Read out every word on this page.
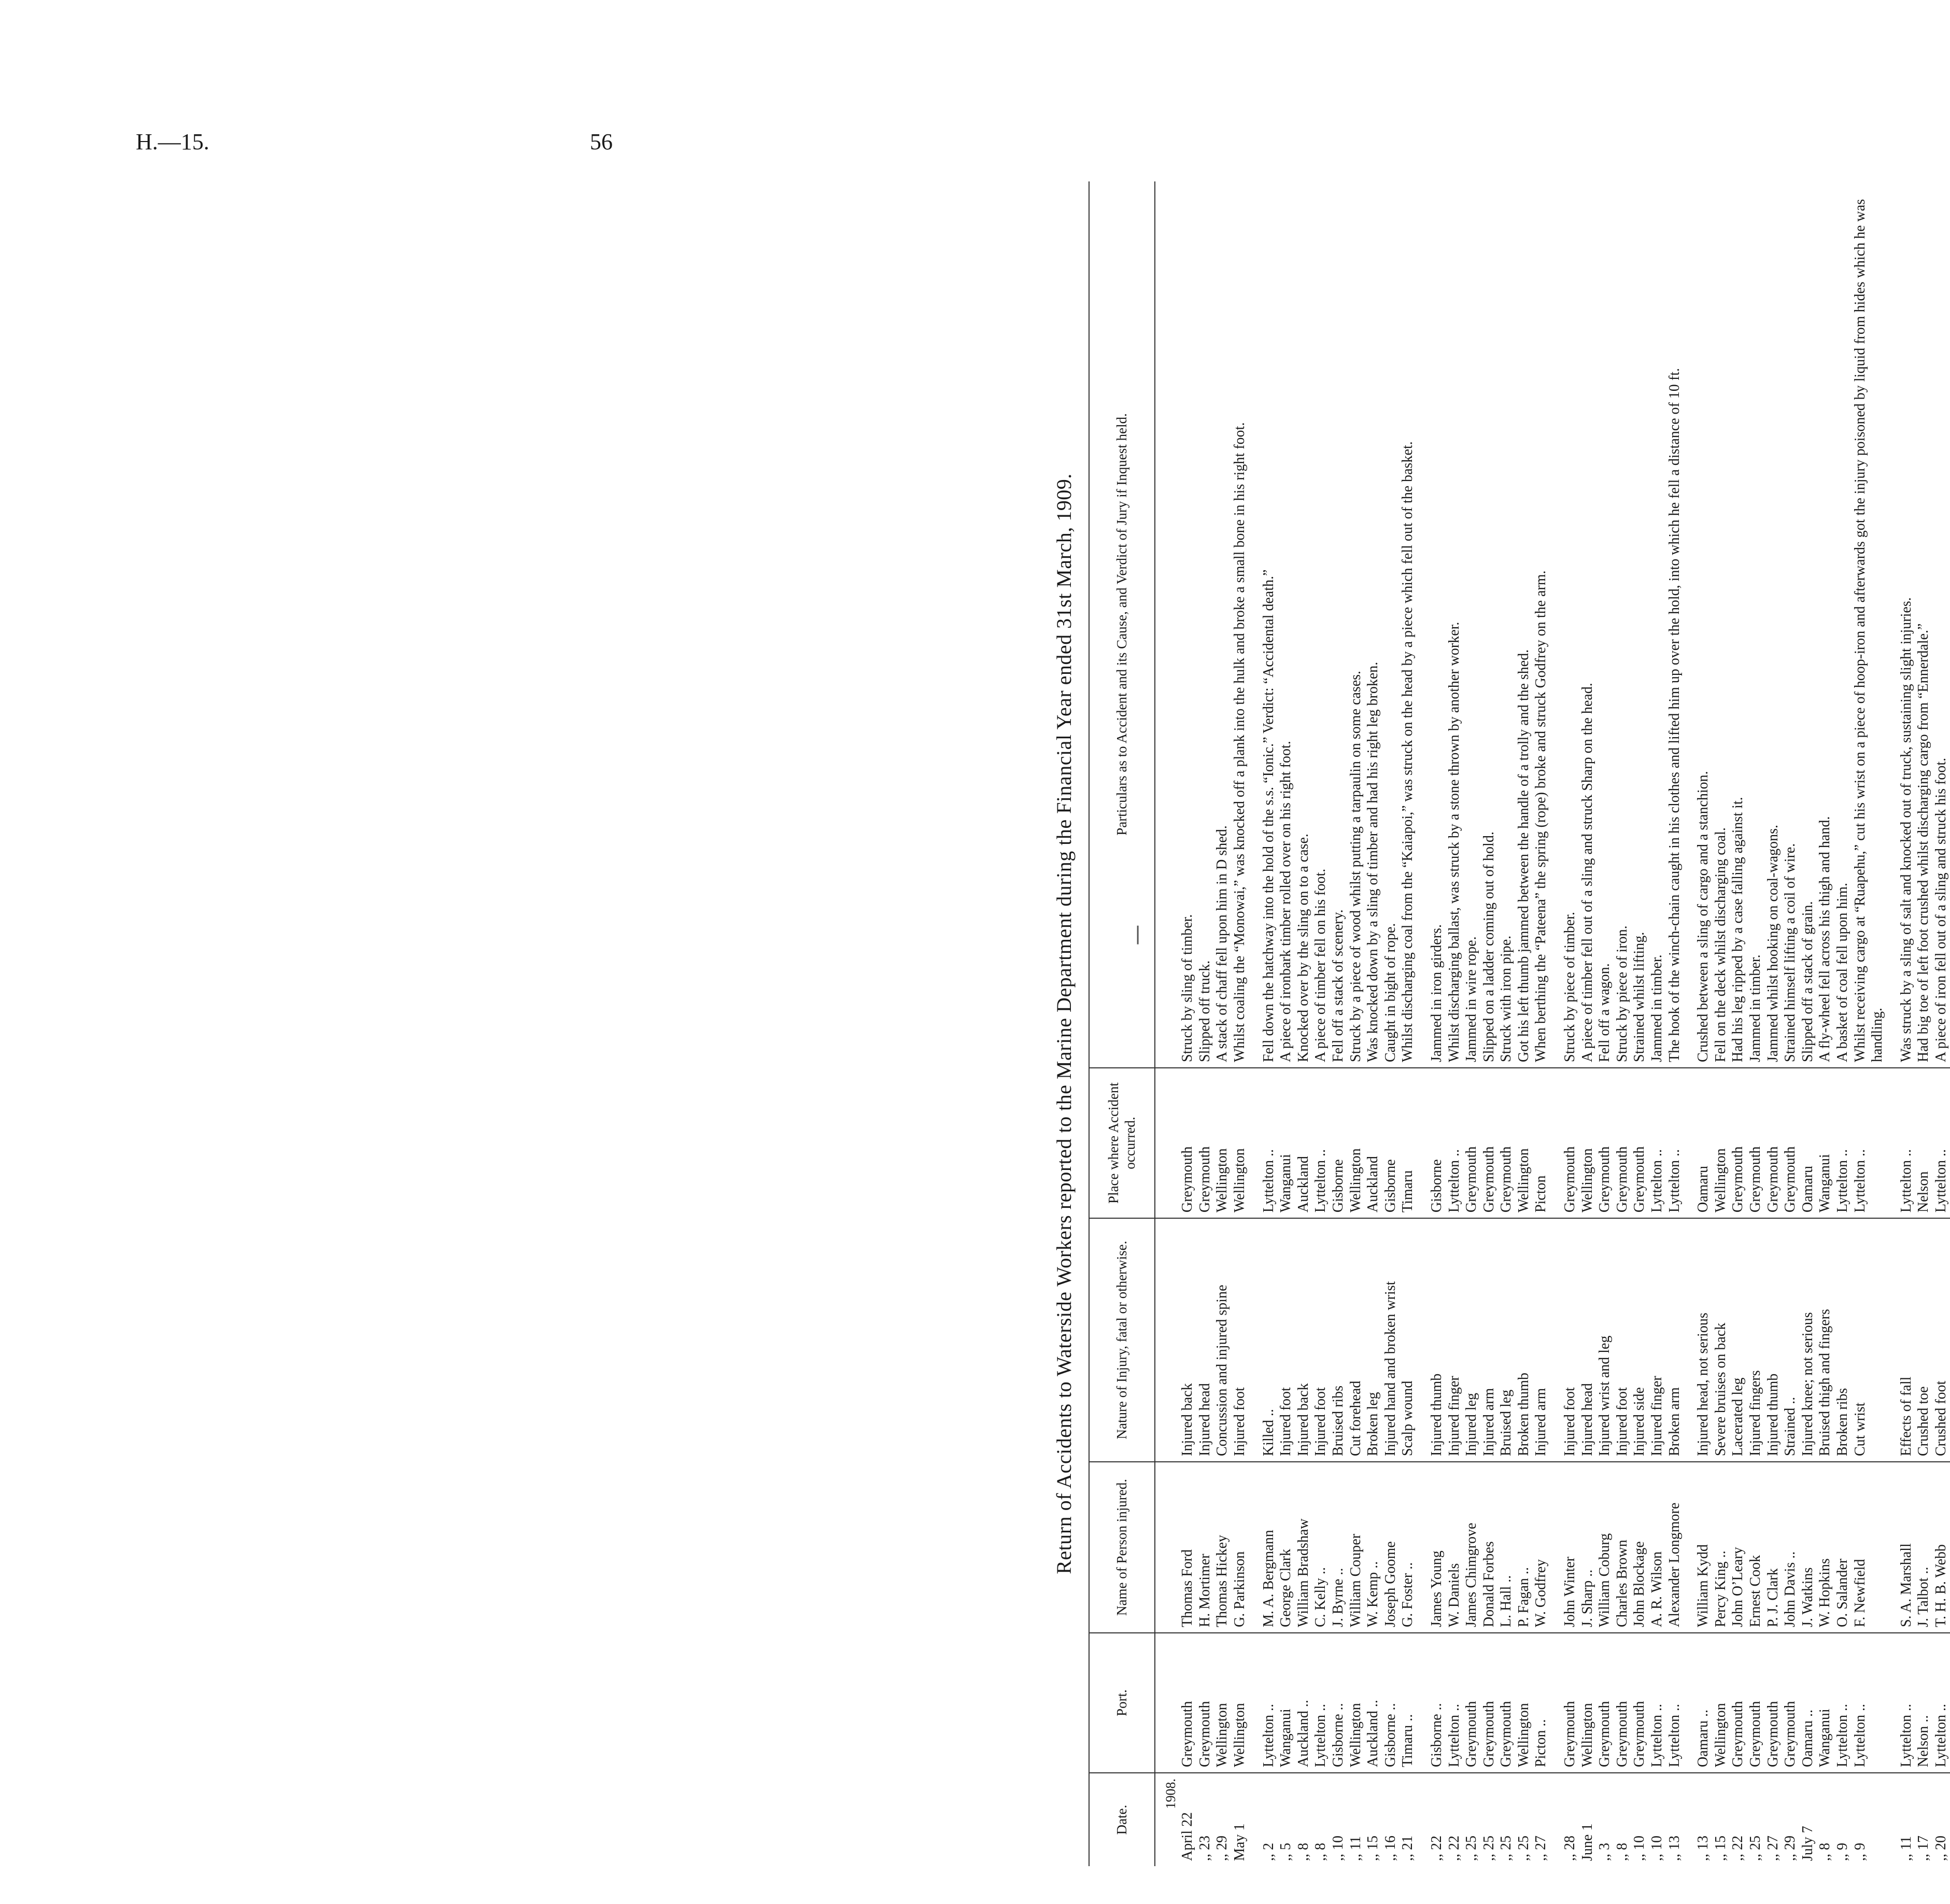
H.—15.	56
Return of Accidents to Waterside Workers reported to the Marine Department during the Financial Year ended 31st March, 1909.
Date.	Port.	Name of Person injured.	Nature of Injury, fatal or otherwise.	Place where Accident occurred.	Particulars as to Accident and its Cause, and Verdict of Jury if Inquest held.
1908.					
April 22	Greymouth	Thomas Ford	Injured back	Greymouth	Struck by sling of timber.
,, 23	Greymouth	H. Mortimer	Injured head	Greymouth	Slipped off truck.
,, 29	Wellington	Thomas Hickey	Concussion and injured spine	Wellington	A stack of chaff fell upon him in D shed.
May 1	Wellington	G. Parkinson	Injured foot	Wellington	Whilst coaling the “Monowai,” was knocked off a plank into the hulk and broke a small bone in his right foot.
,, 2	Lyttelton ..	M. A. Bergmann	Killed ..	Lyttelton ..	Fell down the hatchway into the hold of the s.s. “Ionic.” Verdict: “Accidental death.”
,, 5	Wanganui	George Clark	Injured foot	Wanganui	A piece of ironbark timber rolled over on his right foot.
,, 8	Auckland ..	William Bradshaw	Injured back	Auckland	Knocked over by the sling on to a case.
,, 8	Lyttelton ..	C. Kelly ..	Injured foot	Lyttelton ..	A piece of timber fell on his foot.
,, 10	Gisborne ..	J. Byrne ..	Bruised ribs	Gisborne	Fell off a stack of scenery.
,, 11	Wellington	William Couper	Cut forehead	Wellington	Struck by a piece of wood whilst putting a tarpaulin on some cases.
,, 15	Auckland ..	W. Kemp ..	Broken leg	Auckland	Was knocked down by a sling of timber and had his right leg broken.
,, 16	Gisborne ..	Joseph Goome	Injured hand and broken wrist	Gisborne	Caught in bight of rope.
,, 21	Timaru ..	G. Foster ..	Scalp wound	Timaru	Whilst discharging coal from the “Kaiapoi,” was struck on the head by a piece which fell out of the basket.
,, 22	Gisborne ..	James Young	Injured thumb	Gisborne	Jammed in iron girders.
,, 22	Lyttelton ..	W. Daniels	Injured finger	Lyttelton ..	Whilst discharging ballast, was struck by a stone thrown by another worker.
,, 25	Greymouth	James Chimgrove	Injured leg	Greymouth	Jammed in wire rope.
,, 25	Greymouth	Donald Forbes	Injured arm	Greymouth	Slipped on a ladder coming out of hold.
,, 25	Greymouth	L. Hall ..	Bruised leg	Greymouth	Struck with iron pipe.
,, 25	Wellington	P. Fagan ..	Broken thumb	Wellington	Got his left thumb jammed between the handle of a trolly and the shed.
,, 27	Picton ..	W. Godfrey	Injured arm	Picton	When berthing the “Pateena” the spring (rope) broke and struck Godfrey on the arm.
,, 28	Greymouth	John Winter	Injured foot	Greymouth	Struck by piece of timber.
June 1	Wellington	J. Sharp ..	Injured head	Wellington	A piece of timber fell out of a sling and struck Sharp on the head.
,, 3	Greymouth	William Coburg	Injured wrist and leg	Greymouth	Fell off a wagon.
,, 8	Greymouth	Charles Brown	Injured foot	Greymouth	Struck by piece of iron.
,, 10	Greymouth	John Blockage	Injured side	Greymouth	Strained whilst lifting.
,, 10	Lyttelton ..	A. R. Wilson	Injured finger	Lyttelton ..	Jammed in timber.
,, 13	Lyttelton ..	Alexander Longmore	Broken arm	Lyttelton ..	The hook of the winch-chain caught in his clothes and lifted him up over the hold, into which he fell a distance of 10 ft.
,, 13	Oamaru ..	William Kydd	Injured head, not serious	Oamaru	Crushed between a sling of cargo and a stanchion.
,, 15	Wellington	Percy King ..	Severe bruises on back	Wellington	Fell on the deck whilst discharging coal.
,, 22	Greymouth	John O’Leary	Lacerated leg	Greymouth	Had his leg ripped by a case falling against it.
,, 25	Greymouth	Ernest Cook	Injured fingers	Greymouth	Jammed in timber.
,, 27	Greymouth	P. J. Clark	Injured thumb	Greymouth	Jammed whilst hooking on coal-wagons.
,, 29	Greymouth	John Davis ..	Strained ..	Greymouth	Strained himself lifting a coil of wire.
July 7	Oamaru ..	J. Watkins	Injured knee; not serious	Oamaru	Slipped off a stack of grain.
,, 8	Wanganui	W. Hopkins	Bruised thigh and fingers	Wanganui	A fly-wheel fell across his thigh and hand.
,, 9	Lyttelton ..	O. Salander	Broken ribs	Lyttelton ..	A basket of coal fell upon him.
,, 9	Lyttelton ..	F. Newfield	Cut wrist	Lyttelton ..	Whilst receiving cargo at “Ruapehu,” cut his wrist on a piece of hoop-iron and afterwards got the injury poisoned by liquid from hides which he was handling.
,, 11	Lyttelton ..	S. A. Marshall	Effects of fall	Lyttelton ..	Was struck by a sling of salt and knocked out of truck, sustaining slight injuries.
,, 17	Nelson ..	J. Talbot ..	Crushed toe	Nelson	Had big toe of left foot crushed whilst discharging cargo from “Ennerdale.”
,, 20	Lyttelton ..	T. H. B. Webb	Crushed foot	Lyttelton ..	A piece of iron fell out of a sling and struck his foot.
❘
